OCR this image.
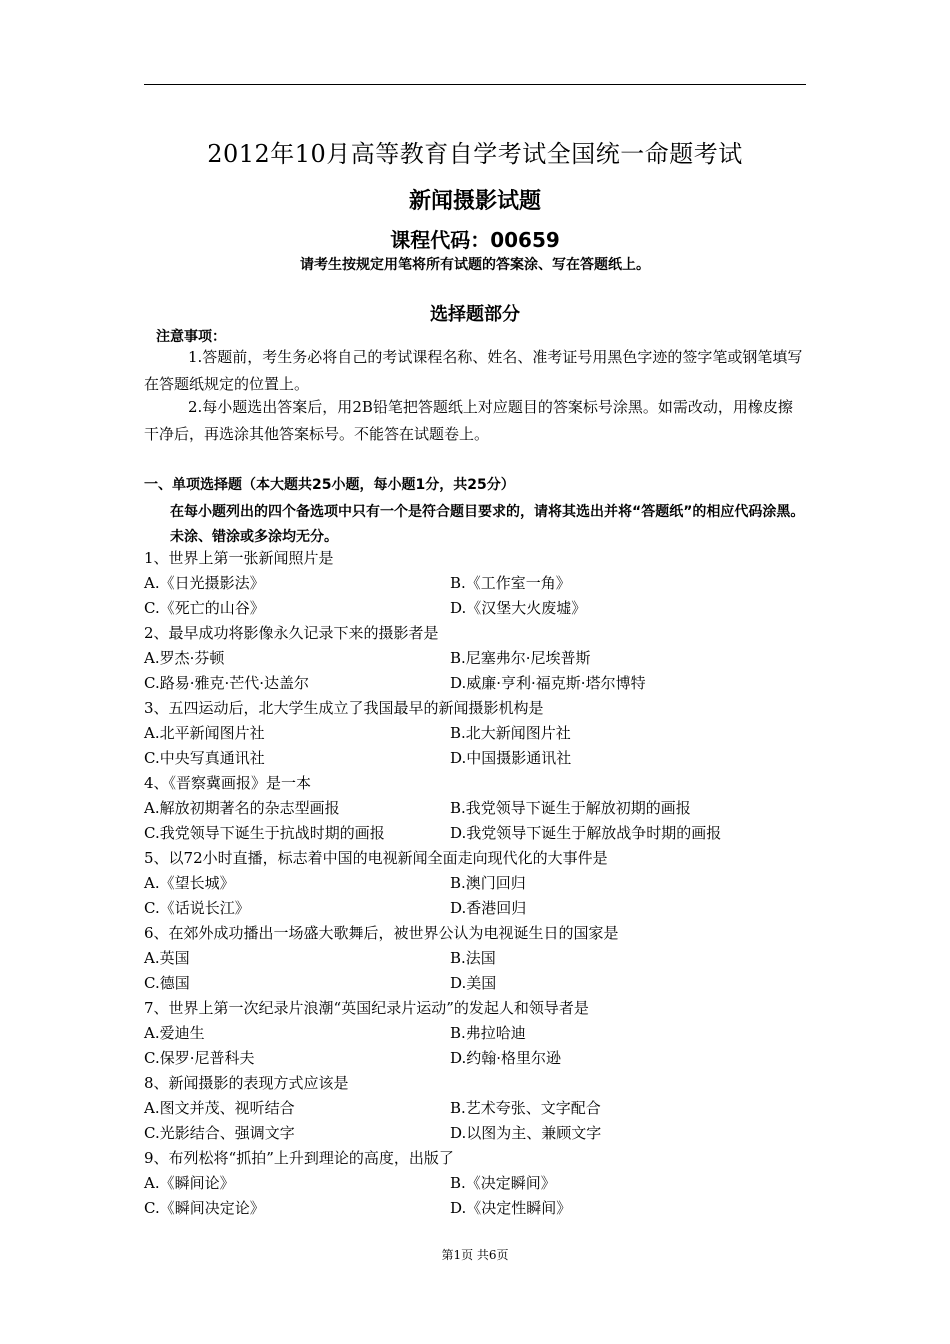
2012年10月高等教育自学考试全国统一命题考试
新闻摄影试题
课程代码：00659
请考生按规定用笔将所有试题的答案涂、写在答题纸上。
选择题部分
注意事项：
1.答题前，考生务必将自己的考试课程名称、姓名、准考证号用黑色字迹的签字笔或钢笔填写在答题纸规定的位置上。
2.每小题选出答案后，用2B铅笔把答题纸上对应题目的答案标号涂黑。如需改动，用橡皮擦干净后，再选涂其他答案标号。不能答在试题卷上。
一、单项选择题（本大题共25小题，每小题1分，共25分）
在每小题列出的四个备选项中只有一个是符合题目要求的，请将其选出并将“答题纸”的相应代码涂黑。未涂、错涂或多涂均无分。
1、世界上第一张新闻照片是
A.《日光摄影法》	B.《工作室一角》
C.《死亡的山谷》	D.《汉堡大火废墟》
2、最早成功将影像永久记录下来的摄影者是
A.罗杰·芬顿	B.尼塞弗尔·尼埃普斯
C.路易·雅克·芒代·达盖尔	D.威廉·亨利·福克斯·塔尔博特
3、五四运动后，北大学生成立了我国最早的新闻摄影机构是
A.北平新闻图片社	B.北大新闻图片社
C.中央写真通讯社	D.中国摄影通讯社
4、《晋察冀画报》是一本
A.解放初期著名的杂志型画报	B.我党领导下诞生于解放初期的画报
C.我党领导下诞生于抗战时期的画报	D.我党领导下诞生于解放战争时期的画报
5、以72小时直播，标志着中国的电视新闻全面走向现代化的大事件是
A.《望长城》	B.澳门回归
C.《话说长江》	D.香港回归
6、在郊外成功播出一场盛大歌舞后，被世界公认为电视诞生日的国家是
A.英国	B.法国
C.德国	D.美国
7、世界上第一次纪录片浪潮“英国纪录片运动”的发起人和领导者是
A.爱迪生	B.弗拉哈迪
C.保罗·尼普科夫	D.约翰·格里尔逊
8、新闻摄影的表现方式应该是
A.图文并茂、视听结合	B.艺术夸张、文字配合
C.光影结合、强调文字	D.以图为主、兼顾文字
9、布列松将“抓拍”上升到理论的高度，出版了
A.《瞬间论》	B.《决定瞬间》
C.《瞬间决定论》	D.《决定性瞬间》
第1页 共6页
